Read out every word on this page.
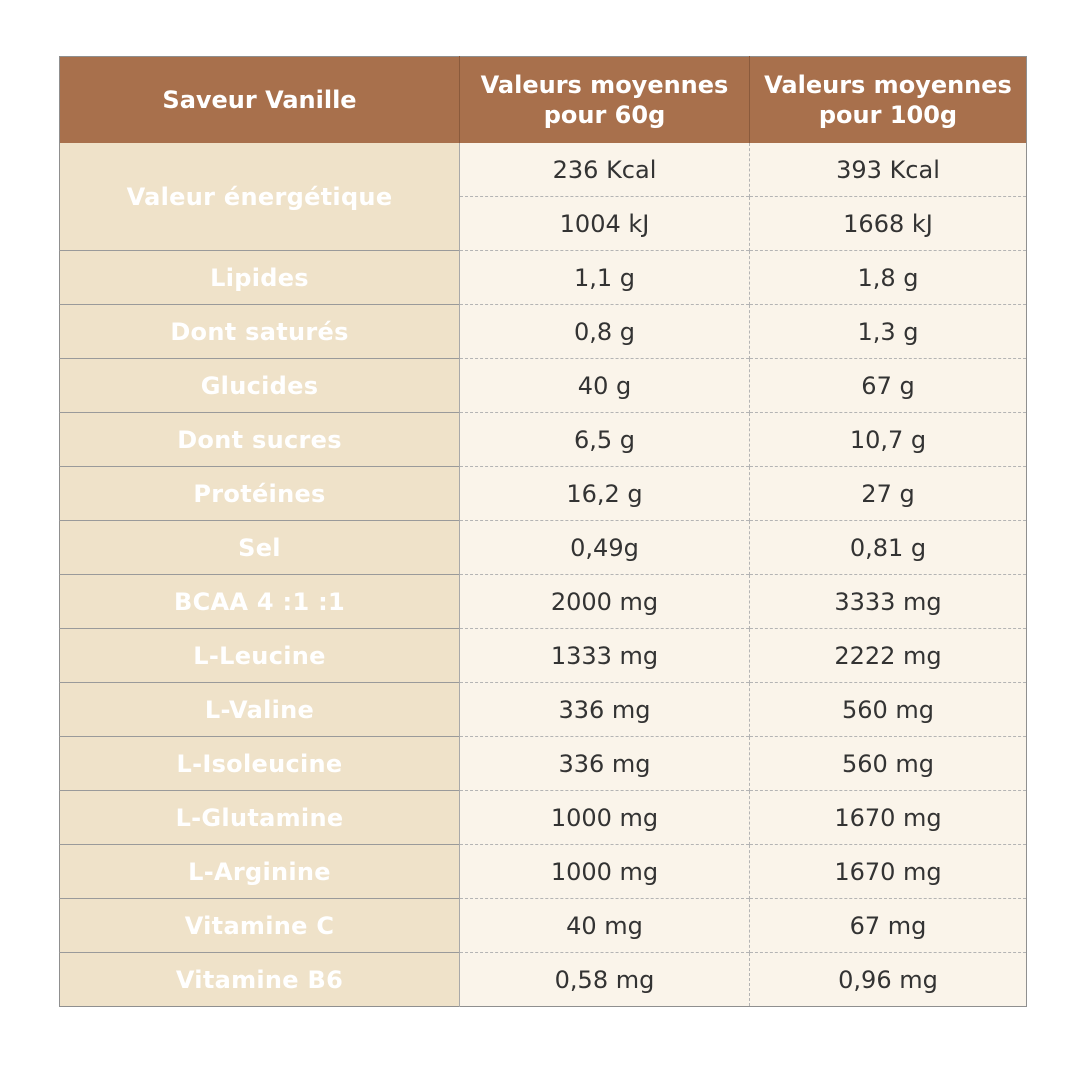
Saveur Vanille	Valeurs moyennes pour 60g	Valeurs moyennes pour 100g
Valeur énergétique	236 Kcal	393 Kcal
	1004 kJ	1668 kJ
Lipides	1,1 g	1,8 g
Dont saturés	0,8 g	1,3 g
Glucides	40 g	67 g
Dont sucres	6,5 g	10,7 g
Protéines	16,2 g	27 g
Sel	0,49g	0,81 g
BCAA 4 :1 :1	2000 mg	3333 mg
L-Leucine	1333 mg	2222 mg
L-Valine	336 mg	560 mg
L-Isoleucine	336 mg	560 mg
L-Glutamine	1000 mg	1670 mg
L-Arginine	1000 mg	1670 mg
Vitamine C	40 mg	67 mg
Vitamine B6	0,58 mg	0,96 mg
